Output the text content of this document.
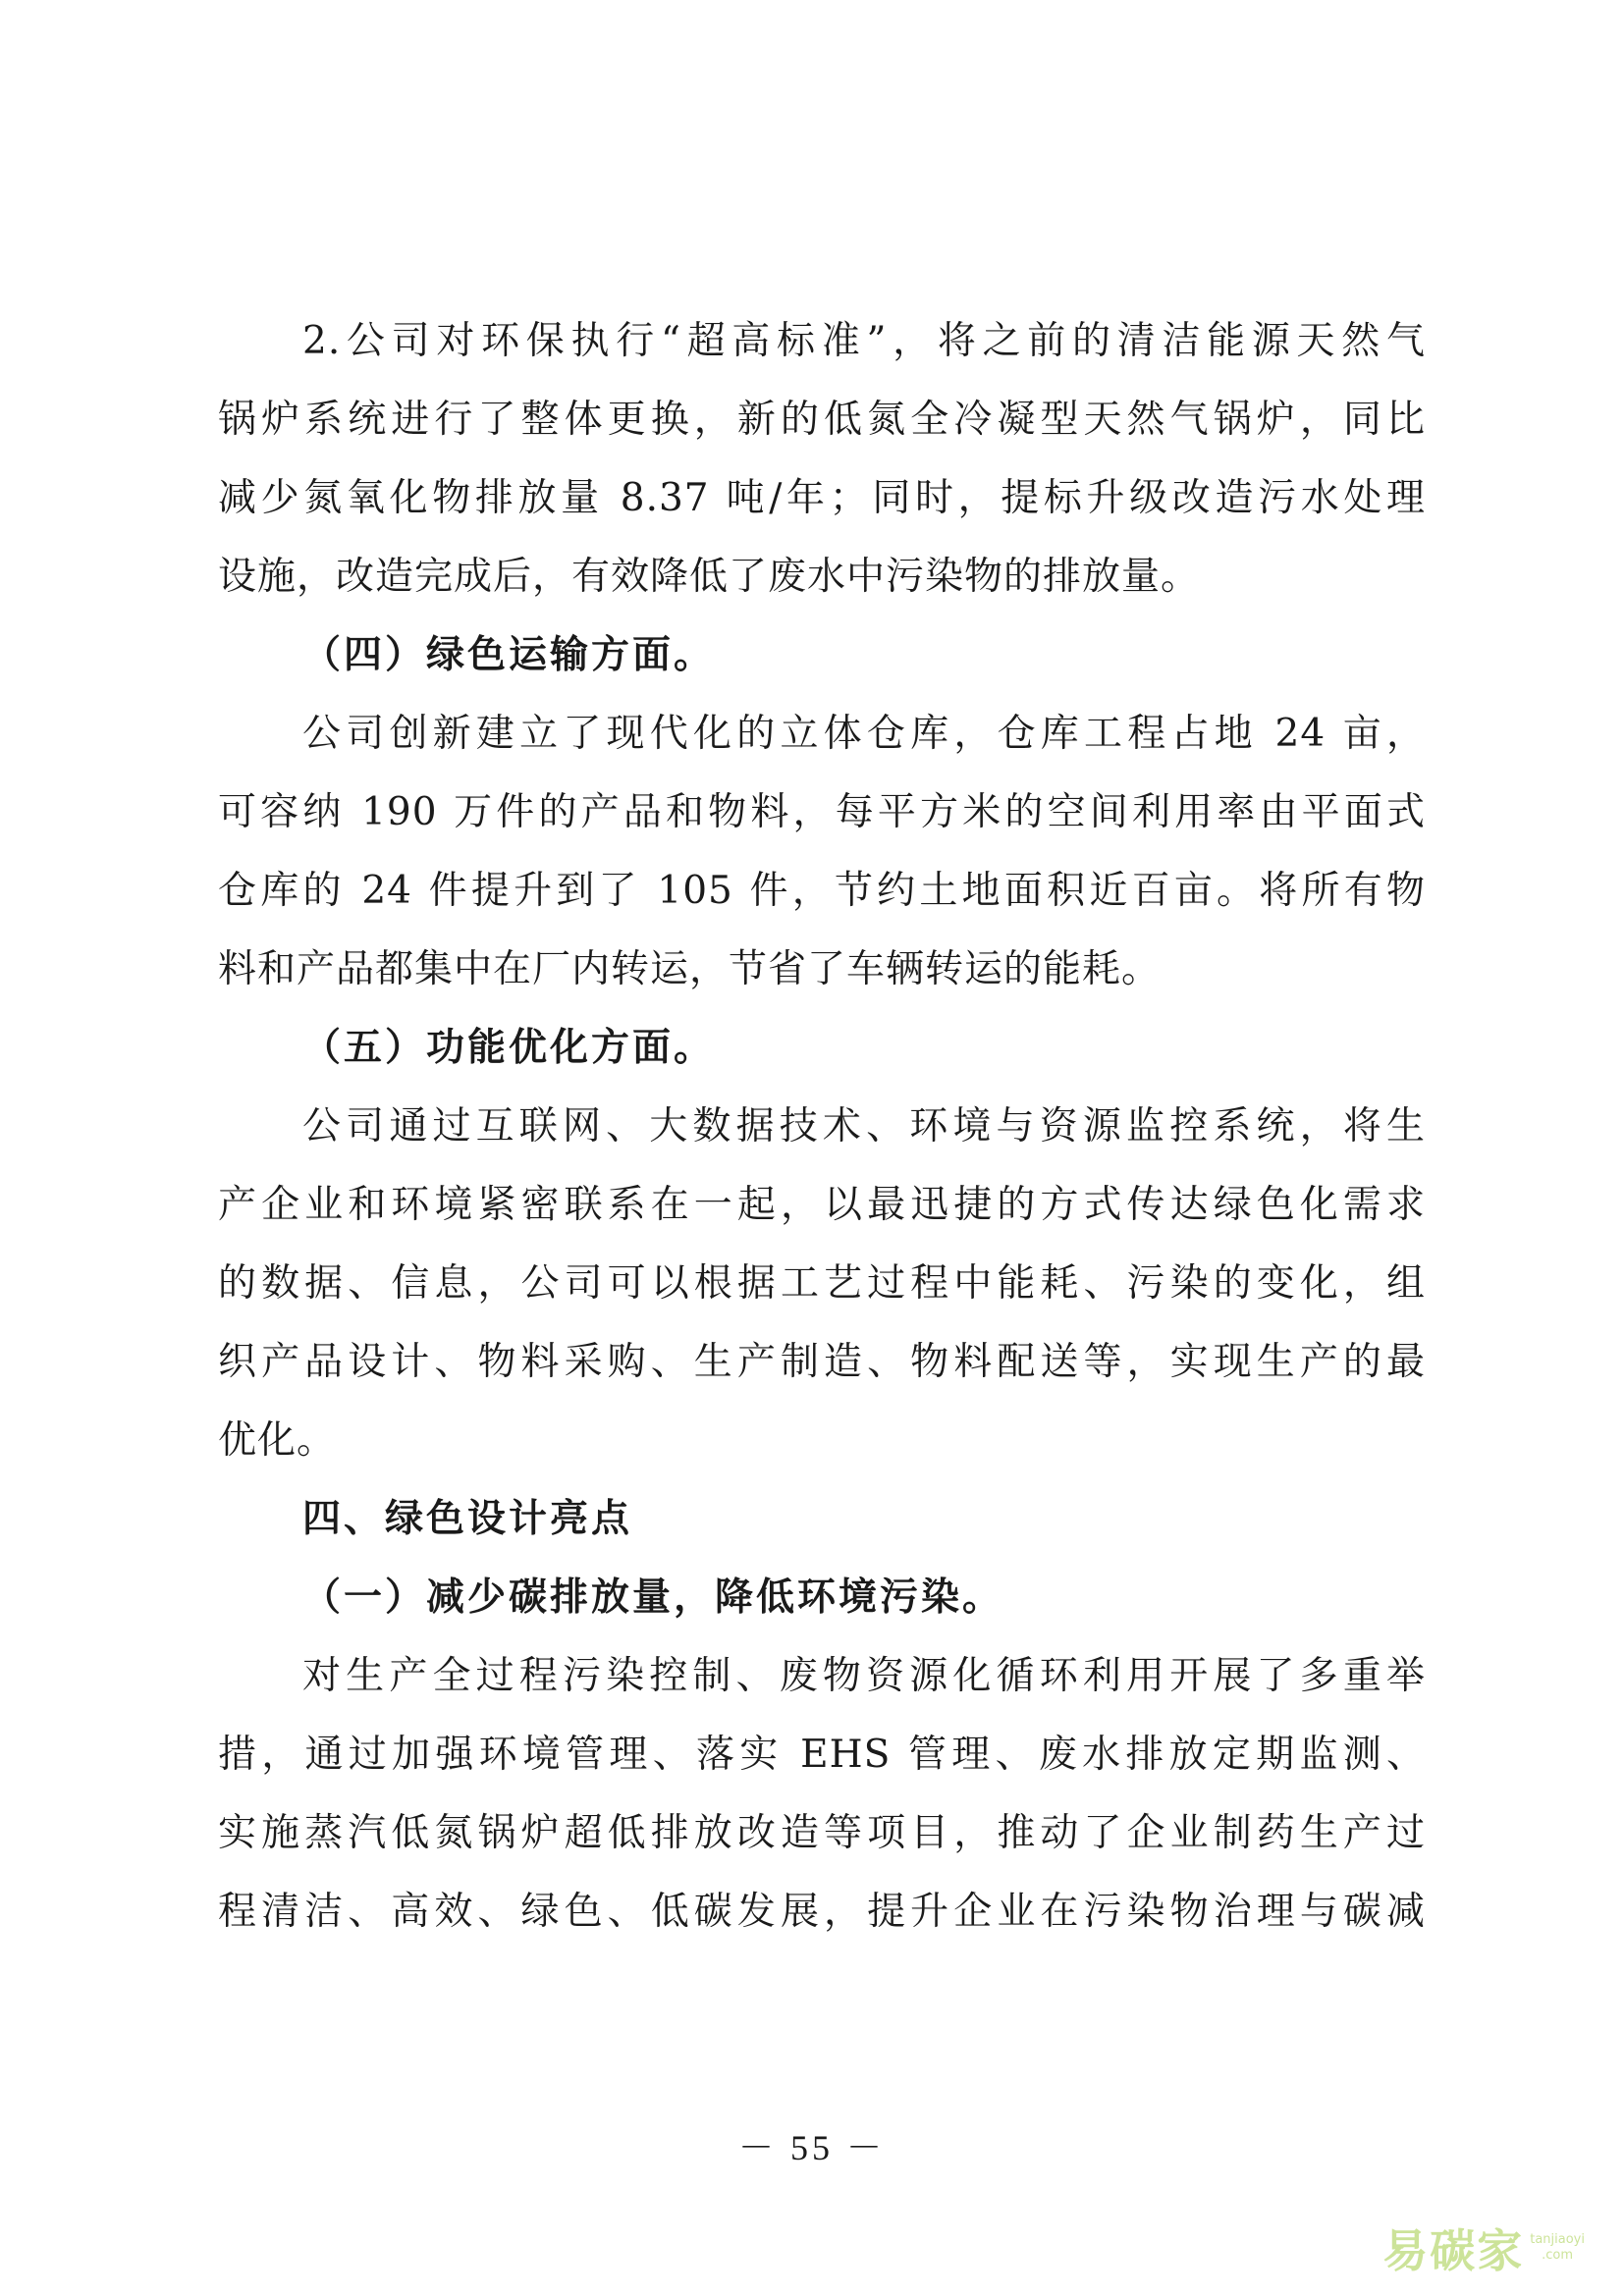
2.公司对环保执行“超高标准”，将之前的清洁能源天然气
锅炉系统进行了整体更换，新的低氮全冷凝型天然气锅炉，同比
减少氮氧化物排放量 8.37 吨/年；同时，提标升级改造污水处理
设施，改造完成后，有效降低了废水中污染物的排放量。
（四）绿色运输方面。
公司创新建立了现代化的立体仓库，仓库工程占地 24 亩，
可容纳 190 万件的产品和物料，每平方米的空间利用率由平面式
仓库的 24 件提升到了 105 件，节约土地面积近百亩。将所有物
料和产品都集中在厂内转运，节省了车辆转运的能耗。
（五）功能优化方面。
公司通过互联网、大数据技术、环境与资源监控系统，将生
产企业和环境紧密联系在一起，以最迅捷的方式传达绿色化需求
的数据、信息，公司可以根据工艺过程中能耗、污染的变化，组
织产品设计、物料采购、生产制造、物料配送等，实现生产的最
优化。
四、绿色设计亮点
（一）减少碳排放量，降低环境污染。
对生产全过程污染控制、废物资源化循环利用开展了多重举
措，通过加强环境管理、落实 EHS 管理、废水排放定期监测、
实施蒸汽低氮锅炉超低排放改造等项目，推动了企业制药生产过
程清洁、高效、绿色、低碳发展，提升企业在污染物治理与碳减
－ 55 －
易碳家 tanjiaoyi
.com
